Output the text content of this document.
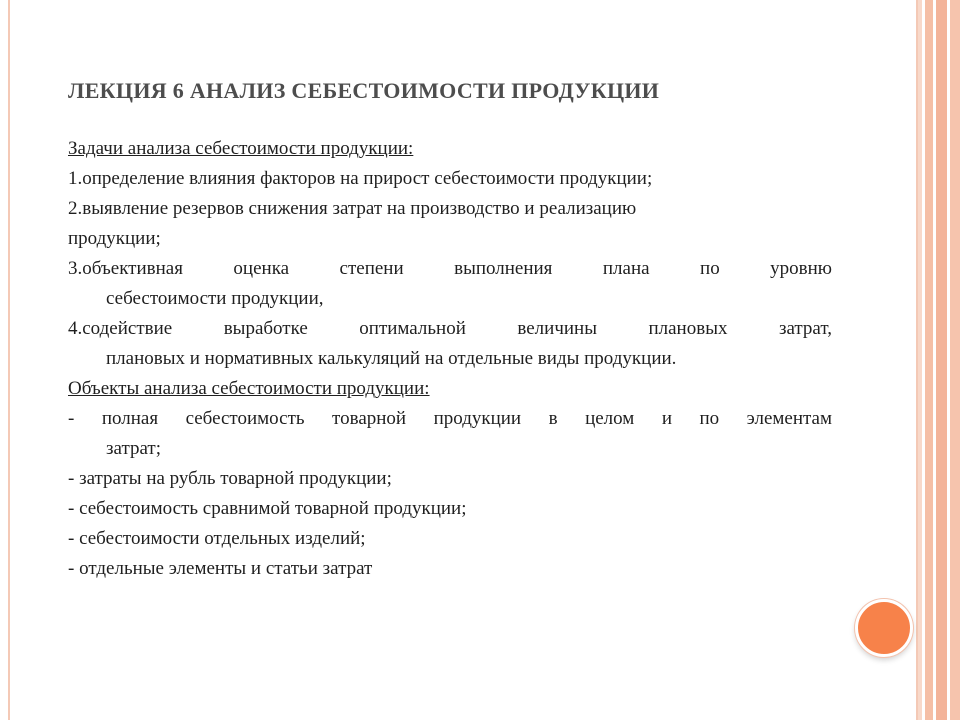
ЛЕКЦИЯ 6 АНАЛИЗ СЕБЕСТОИМОСТИ ПРОДУКЦИИ

Задачи анализа себестоимости продукции:

1.определение влияния факторов на прирост себестоимости продукции;

2.выявление резервов снижения затрат на производство и реализацию

продукции;

3.объективная оценка степени выполнения плана по уровню

себестоимости продукции,

4.содействие выработке оптимальной величины плановых затрат,

плановых и нормативных калькуляций на отдельные виды продукции.

Объекты анализа себестоимости продукции:

- полная себестоимость товарной продукции в целом и по элементам

затрат;

- затраты на рубль товарной продукции;

- себестоимость сравнимой товарной продукции;

- себестоимости отдельных изделий;

- отдельные элементы и статьи затрат
